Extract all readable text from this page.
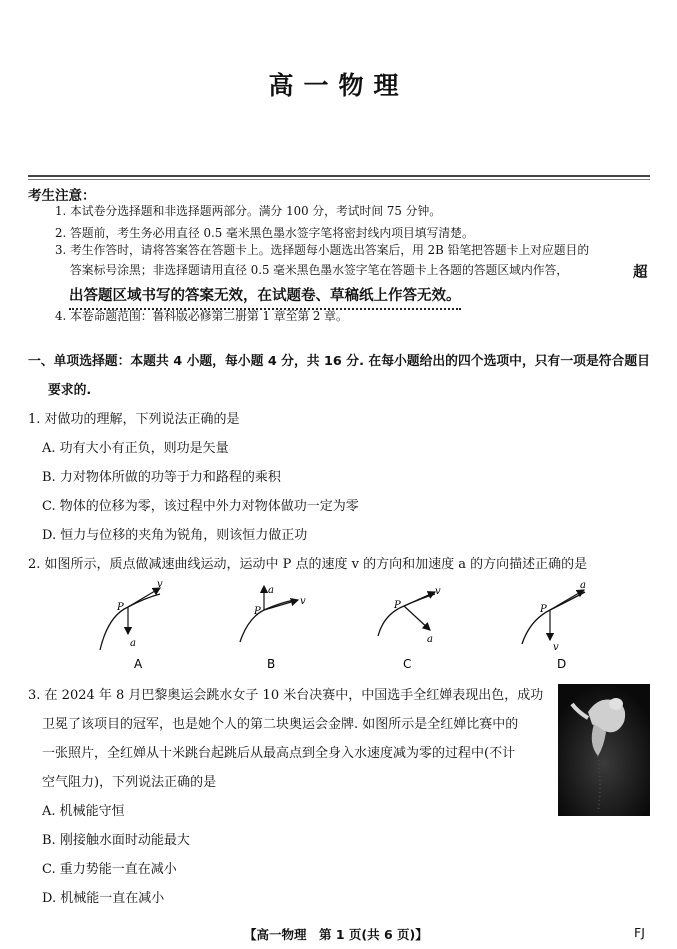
高一物理
考生注意：
1. 本试卷分选择题和非选择题两部分。满分 100 分，考试时间 75 分钟。
2. 答题前，考生务必用直径 0.5 毫米黑色墨水签字笔将密封线内项目填写清楚。
3. 考生作答时，请将答案答在答题卡上。选择题每小题选出答案后，用 2B 铅笔把答题卡上对应题目的
答案标号涂黑；非选择题请用直径 0.5 毫米黑色墨水签字笔在答题卡上各题的答题区域内作答，	超
出答题区域书写的答案无效，在试题卷、草稿纸上作答无效。
4. 本卷命题范围：鲁科版必修第二册第 1 章至第 2 章。
一、单项选择题：本题共 4 小题，每小题 4 分，共 16 分. 在每小题给出的四个选项中，只有一项是符合题目
要求的.
1. 对做功的理解，下列说法正确的是
A. 功有大小有正负，则功是矢量
B. 力对物体所做的功等于力和路程的乘积
C. 物体的位移为零，该过程中外力对物体做功一定为零
D. 恒力与位移的夹角为锐角，则该恒力做正功
2. 如图所示，质点做减速曲线运动，运动中 P 点的速度 v 的方向和加速度 a 的方向描述正确的是
P
v
a
P
a
v	P
v
a
P
a
v
A	B	C	D
3. 在 2024 年 8 月巴黎奥运会跳水女子 10 米台决赛中，中国选手全红婵表现出色，成功
卫冕了该项目的冠军，也是她个人的第二块奥运会金牌. 如图所示是全红婵比赛中的
一张照片，全红婵从十米跳台起跳后从最高点到全身入水速度减为零的过程中(不计
空气阻力)，下列说法正确的是
A. 机械能守恒
B. 刚接触水面时动能最大
C. 重力势能一直在减小
D. 机械能一直在减小
【高一物理　第 1 页(共 6 页)】	FJ
